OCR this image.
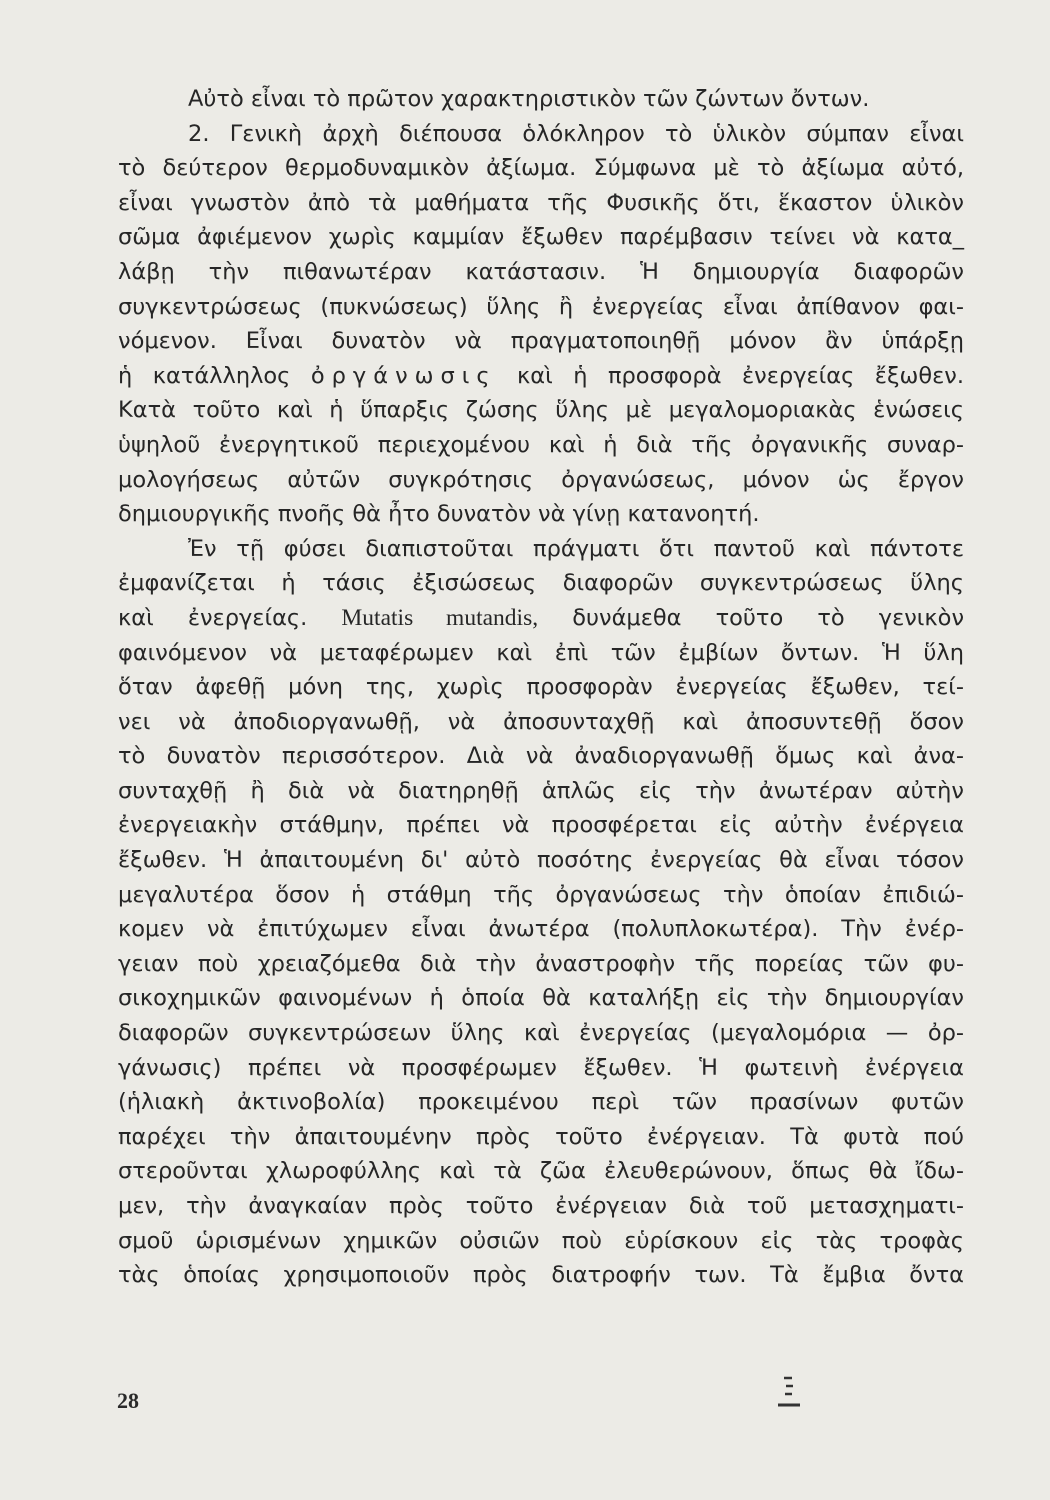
Αὐτὸ εἶναι τὸ πρῶτον χαρακτηριστικὸν τῶν ζώντων ὄντων.
2. Γενικὴ ἀρχὴ διέπουσα ὁλόκληρον τὸ ὑλικὸν σύμπαν εἶναι
τὸ δεύτερον θερμοδυναμικὸν ἀξίωμα. Σύμφωνα μὲ τὸ ἀξίωμα αὐτό,
εἶναι γνωστὸν ἀπὸ τὰ μαθήματα τῆς Φυσικῆς ὅτι, ἕκαστον ὑλικὸν
σῶμα ἀφιέμενον χωρὶς καμμίαν ἔξωθεν παρέμβασιν τείνει νὰ κατα_
λάβῃ τὴν πιθανωτέραν κατάστασιν. Ἡ δημιουργία διαφορῶν
συγκεντρώσεως (πυκνώσεως) ὕλης ἢ ἐνεργείας εἶναι ἀπίθανον φαι-
νόμενον. Εἶναι δυνατὸν νὰ πραγματοποιηθῇ μόνον ἂν ὑπάρξῃ
ἡ κατάλληλος ὀργάνωσις καὶ ἡ προσφορὰ ἐνεργείας ἔξωθεν.
Κατὰ τοῦτο καὶ ἡ ὕπαρξις ζώσης ὕλης μὲ μεγαλομοριακὰς ἑνώσεις
ὑψηλοῦ ἐνεργητικοῦ περιεχομένου καὶ ἡ διὰ τῆς ὀργανικῆς συναρ-
μολογήσεως αὐτῶν συγκρότησις ὀργανώσεως, μόνον ὡς ἔργον
δημιουργικῆς πνοῆς θὰ ἦτο δυνατὸν νὰ γίνῃ κατανοητή.
Ἐν τῇ φύσει διαπιστοῦται πράγματι ὅτι παντοῦ καὶ πάντοτε
ἐμφανίζεται ἡ τάσις ἐξισώσεως διαφορῶν συγκεντρώσεως ὕλης
καὶ ἐνεργείας. Mutatis mutandis, δυνάμεθα τοῦτο τὸ γενικὸν
φαινόμενον νὰ μεταφέρωμεν καὶ ἐπὶ τῶν ἐμβίων ὄντων. Ἡ ὕλη
ὅταν ἀφεθῇ μόνη της, χωρὶς προσφορὰν ἐνεργείας ἔξωθεν, τεί-
νει νὰ ἀποδιοργανωθῇ, νὰ ἀποσυνταχθῇ καὶ ἀποσυντεθῇ ὅσον
τὸ δυνατὸν περισσότερον. Διὰ νὰ ἀναδιοργανωθῇ ὅμως καὶ ἀνα-
συνταχθῇ ἢ διὰ νὰ διατηρηθῇ ἁπλῶς εἰς τὴν ἀνωτέραν αὐτὴν
ἐνεργειακὴν στάθμην, πρέπει νὰ προσφέρεται εἰς αὐτὴν ἐνέργεια
ἔξωθεν. Ἡ ἀπαιτουμένη δι' αὐτὸ ποσότης ἐνεργείας θὰ εἶναι τόσον
μεγαλυτέρα ὅσον ἡ στάθμη τῆς ὀργανώσεως τὴν ὁποίαν ἐπιδιώ-
κομεν νὰ ἐπιτύχωμεν εἶναι ἀνωτέρα (πολυπλοκωτέρα). Τὴν ἐνέρ-
γειαν ποὺ χρειαζόμεθα διὰ τὴν ἀναστροφὴν τῆς πορείας τῶν φυ-
σικοχημικῶν φαινομένων ἡ ὁποία θὰ καταλήξῃ εἰς τὴν δημιουργίαν
διαφορῶν συγκεντρώσεων ὕλης καὶ ἐνεργείας (μεγαλομόρια — ὀρ-
γάνωσις) πρέπει νὰ προσφέρωμεν ἔξωθεν. Ἡ φωτεινὴ ἐνέργεια
(ἡλιακὴ ἀκτινοβολία) προκειμένου περὶ τῶν πρασίνων φυτῶν
παρέχει τὴν ἀπαιτουμένην πρὸς τοῦτο ἐνέργειαν. Τὰ φυτὰ πού
στεροῦνται χλωροφύλλης καὶ τὰ ζῶα ἐλευθερώνουν, ὅπως θὰ ἴδω-
μεν, τὴν ἀναγκαίαν πρὸς τοῦτο ἐνέργειαν διὰ τοῦ μετασχηματι-
σμοῦ ὡρισμένων χημικῶν οὐσιῶν ποὺ εὑρίσκουν εἰς τὰς τροφὰς
τὰς ὁποίας χρησιμοποιοῦν πρὸς διατροφήν των. Τὰ ἔμβια ὄντα
28
